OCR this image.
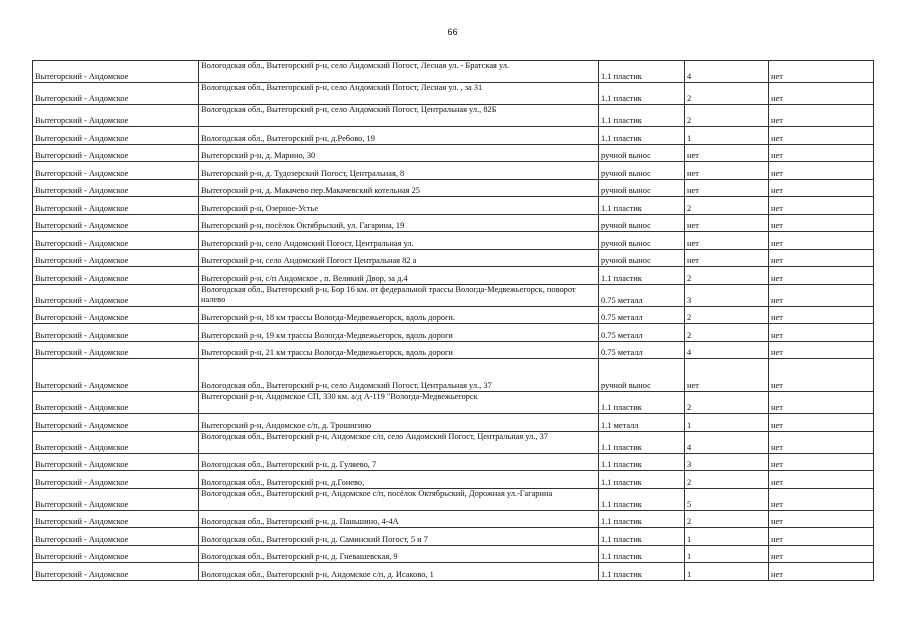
66
Вытегорский - Андомское	Вологодская обл., Вытегорский р-н, село Андомский Погост, Лесная ул. - Братская ул.	1.1 пластик	4	нет
Вытегорский - Андомское	Вологодская обл., Вытегорский р-н, село Андомский Погост, Лесная ул. , за 31	1.1 пластик	2	нет
Вытегорский - Андомское	Вологодская обл., Вытегорский р-н, село Андомский Погост, Центральная ул., 82Б	1.1 пластик	2	нет
Вытегорский - Андомское	Вологодская обл., Вытегорский р-н, д.Ребово, 19	1.1 пластик	1	нет
Вытегорский - Андомское	Вытегорский р-н, д. Марино, 30	ручной вынос	нет	нет
Вытегорский - Андомское	Вытегорский р-н, д. Тудозерский Погост, Центральная, 8	ручной вынос	нет	нет
Вытегорский - Андомское	Вытегорский р-н, д. Макачево пер.Макачевский котельная 25	ручной вынос	нет	нет
Вытегорский - Андомское	Вытегорский р-н, Озерное-Устье	1.1 пластик	2	нет
Вытегорский - Андомское	Вытегорский р-н, посёлок Октябрьский, ул. Гагарина, 19	ручной вынос	нет	нет
Вытегорский - Андомское	Вытегорский р-н, село Андомский Погост, Центральная ул.	ручной вынос	нет	нет
Вытегорский - Андомское	Вытегорский р-н, село Андомский Погост Центральная 82 а	ручной вынос	нет	нет
Вытегорский - Андомское	Вытегорский р-н, с/п Андомское , п. Великий Двор, за д.4	1.1 пластик	2	нет
Вытегорский - Андомское	Вологодская обл., Вытегорский р-н, Бор 16 км. от федеральной трассы Вологда-Медвежьегорск, поворот налево	0.75 металл	3	нет
Вытегорский - Андомское	Вытегорский р-н, 18 км трассы Вологда-Медвежьегорск, вдоль дороги.	0.75 металл	2	нет
Вытегорский - Андомское	Вытегорский р-н, 19 км трассы Вологда-Медвежьегорск, вдоль дороги	0.75 металл	2	нет
Вытегорский - Андомское	Вытегорский р-н, 21 км трассы Вологда-Медвежьегорск, вдоль дороги	0.75 металл	4	нет
Вытегорский - Андомское	Вологодская обл., Вытегорский р-н, село Андомский Погост, Центральная ул., 37	ручной вынос	нет	нет
Вытегорский - Андомское	Вытегорский р-н, Андомское СП, 330 км. а/д А-119 "Вологда-Медвежьегорск	1.1 пластик	2	нет
Вытегорский - Андомское	Вытегорский р-н, Андомское с/п, д. Трошигино	1.1 металл	1	нет
Вытегорский - Андомское	Вологодская обл., Вытегорский р-н, Андомское с/п, село Андомский Погост, Центральная ул., 37	1.1 пластик	4	нет
Вытегорский - Андомское	Вологодская обл., Вытегорский р-н, д. Гуляево, 7	1.1 пластик	3	нет
Вытегорский - Андомское	Вологодская обл., Вытегорский р-н, д.Гонево,	1.1 пластик	2	нет
Вытегорский - Андомское	Вологодская обл., Вытегорский р-н, Андомское с/п, посёлок Октябрьский, Дорожная ул.-Гагарина	1.1 пластик	5	нет
Вытегорский - Андомское	Вологодская обл., Вытегорский р-н, д. Паньшино, 4-4А	1.1 пластик	2	нет
Вытегорский - Андомское	Вологодская обл., Вытегорский р-н, д. Саминский Погост, 5 и 7	1.1 пластик	1	нет
Вытегорский - Андомское	Вологодская обл., Вытегорский р-н, д. Гневашевская, 9	1.1 пластик	1	нет
Вытегорский - Андомское	Вологодская обл., Вытегорский р-н, Андомское с/п, д. Исаково, 1	1.1 пластик	1	нет
